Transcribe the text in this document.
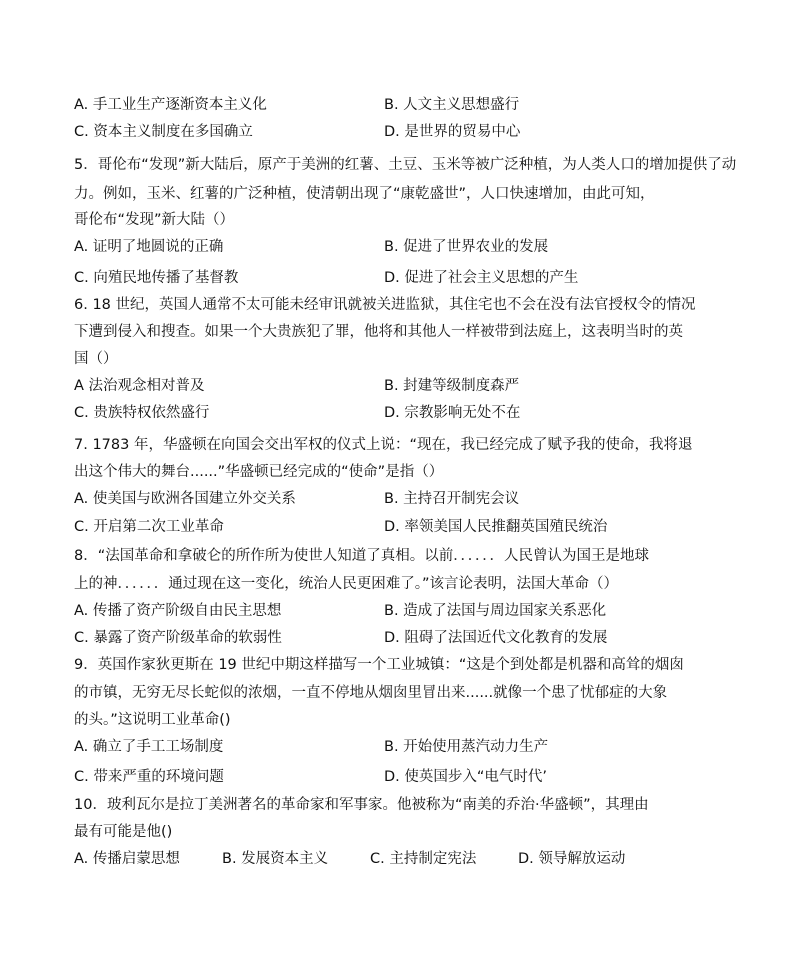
A. 手工业生产逐渐资本主义化	B. 人文主义思想盛行
C. 资本主义制度在多国确立	D. 是世界的贸易中心
5．哥伦布“发现”新大陆后，原产于美洲的红薯、土豆、玉米等被广泛种植，为人类人口的增加提供了动
力。例如，玉米、红薯的广泛种植，使清朝出现了“康乾盛世”，人口快速增加，由此可知，
哥伦布“发现”新大陆（）
A. 证明了地圆说的正确	B. 促进了世界农业的发展
C. 向殖民地传播了基督教	D. 促进了社会主义思想的产生
6. 18 世纪，英国人通常不太可能未经审讯就被关进监狱，其住宅也不会在没有法官授权令的情况
下遭到侵入和搜查。如果一个大贵族犯了罪，他将和其他人一样被带到法庭上，这表明当时的英
国（）
A 法治观念相对普及	B. 封建等级制度森严
C. 贵族特权依然盛行	D. 宗教影响无处不在
7. 1783 年，华盛顿在向国会交出军权的仪式上说：“现在，我已经完成了赋予我的使命，我将退
出这个伟大的舞台......”华盛顿已经完成的“使命”是指（）
A. 使美国与欧洲各国建立外交关系	B. 主持召开制宪会议
C. 开启第二次工业革命	D. 率领美国人民推翻英国殖民统治
8．“法国革命和拿破仑的所作所为使世人知道了真相。以前．．．．．．人民曾认为国王是地球
上的神．．．．．．通过现在这一变化，统治人民更困难了。”该言论表明，法国大革命（）
A. 传播了资产阶级自由民主思想	B. 造成了法国与周边国家关系恶化
C. 暴露了资产阶级革命的软弱性	D. 阻碍了法国近代文化教育的发展
9．英国作家狄更斯在 19 世纪中期这样描写一个工业城镇：“这是个到处都是机器和高耸的烟囱
的市镇，无穷无尽长蛇似的浓烟，一直不停地从烟囱里冒出来......就像一个患了忧郁症的大象
的头。”这说明工业革命()
A. 确立了手工工场制度	B. 开始使用蒸汽动力生产
C. 带来严重的环境问题	D. 使英国步入“电气时代’
10．玻利瓦尔是拉丁美洲著名的革命家和军事家。他被称为“南美的乔治·华盛顿”，其理由
最有可能是他()
A. 传播启蒙思想	B. 发展资本主义	C. 主持制定宪法	D. 领导解放运动
